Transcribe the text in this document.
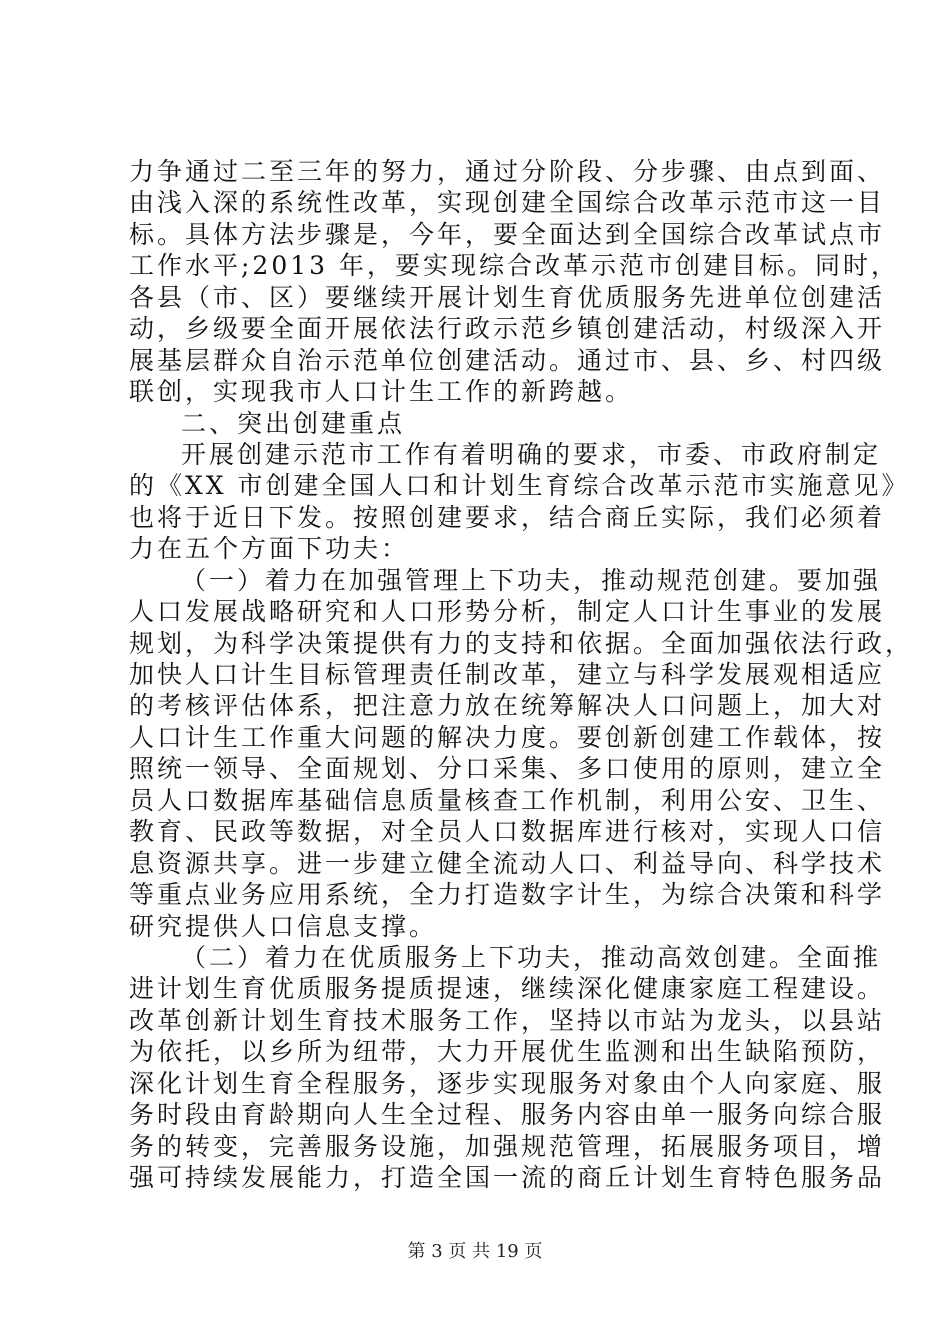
力争通过二至三年的努力，通过分阶段、分步骤、由点到面、
由浅入深的系统性改革，实现创建全国综合改革示范市这一目
标。具体方法步骤是，今年，要全面达到全国综合改革试点市
工作水平;2013 年，要实现综合改革示范市创建目标。同时，
各县（市、区）要继续开展计划生育优质服务先进单位创建活
动，乡级要全面开展依法行政示范乡镇创建活动，村级深入开
展基层群众自治示范单位创建活动。通过市、县、乡、村四级
联创，实现我市人口计生工作的新跨越。
二、突出创建重点
开展创建示范市工作有着明确的要求，市委、市政府制定
的《XX 市创建全国人口和计划生育综合改革示范市实施意见》
也将于近日下发。按照创建要求，结合商丘实际，我们必须着
力在五个方面下功夫：
（一）着力在加强管理上下功夫，推动规范创建。要加强
人口发展战略研究和人口形势分析，制定人口计生事业的发展
规划，为科学决策提供有力的支持和依据。全面加强依法行政，
加快人口计生目标管理责任制改革，建立与科学发展观相适应
的考核评估体系，把注意力放在统筹解决人口问题上，加大对
人口计生工作重大问题的解决力度。要创新创建工作载体，按
照统一领导、全面规划、分口采集、多口使用的原则，建立全
员人口数据库基础信息质量核查工作机制，利用公安、卫生、
教育、民政等数据，对全员人口数据库进行核对，实现人口信
息资源共享。进一步建立健全流动人口、利益导向、科学技术
等重点业务应用系统，全力打造数字计生，为综合决策和科学
研究提供人口信息支撑。
（二）着力在优质服务上下功夫，推动高效创建。全面推
进计划生育优质服务提质提速，继续深化健康家庭工程建设。
改革创新计划生育技术服务工作，坚持以市站为龙头，以县站
为依托，以乡所为纽带，大力开展优生监测和出生缺陷预防，
深化计划生育全程服务，逐步实现服务对象由个人向家庭、服
务时段由育龄期向人生全过程、服务内容由单一服务向综合服
务的转变，完善服务设施，加强规范管理，拓展服务项目，增
强可持续发展能力，打造全国一流的商丘计划生育特色服务品
第 3 页 共 19 页
